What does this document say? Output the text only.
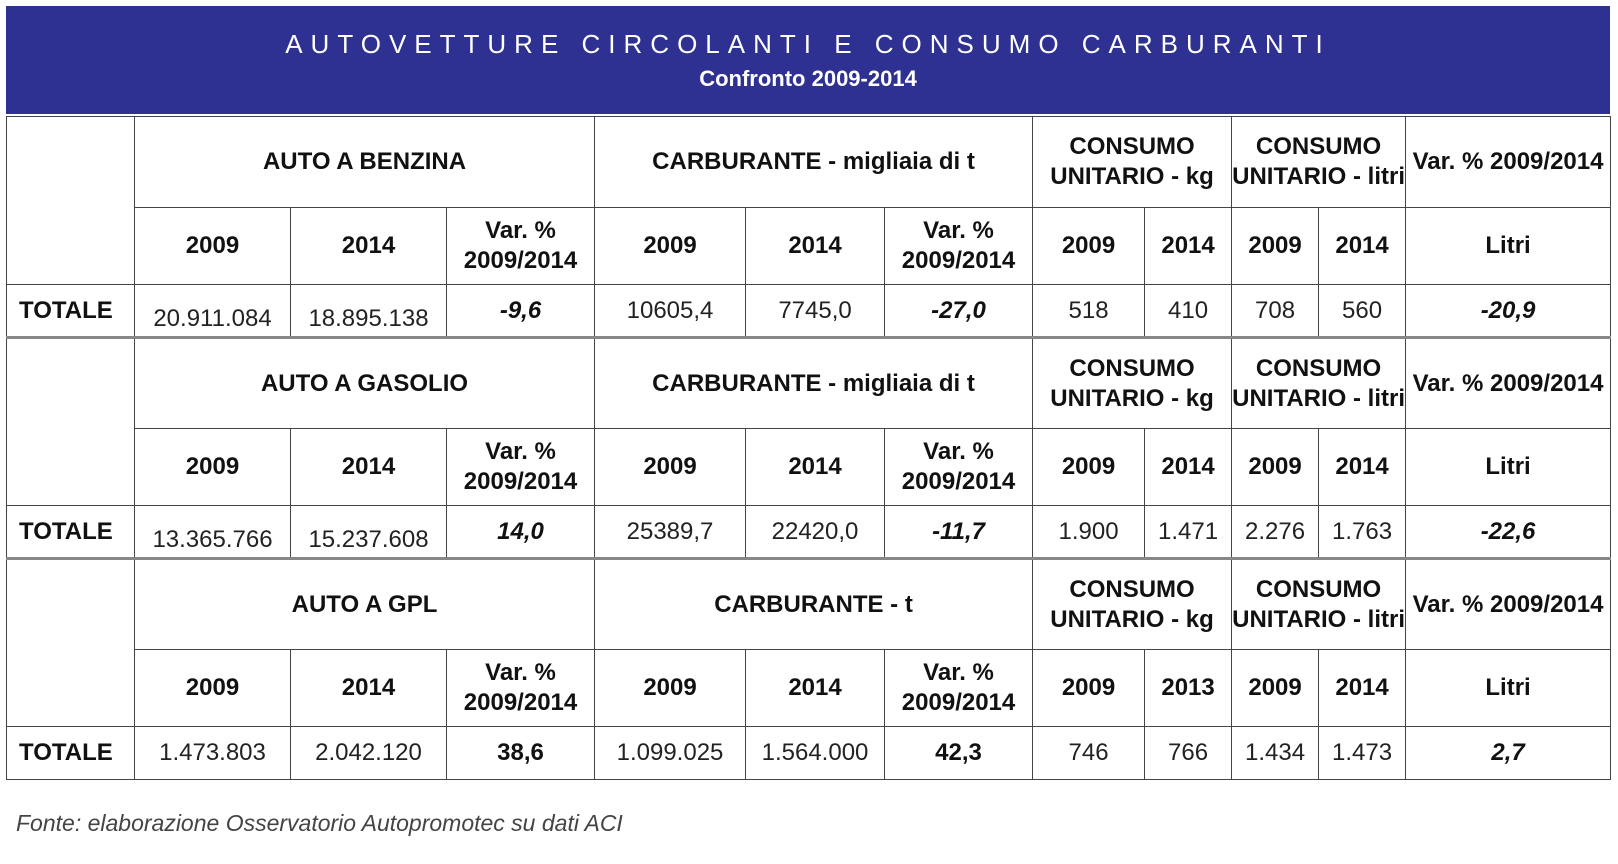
AUTOVETTURE CIRCOLANTI E CONSUMO CARBURANTI
Confronto 2009-2014
	AUTO A BENZINA			CARBURANTE - migliaia di t			CONSUMO UNITARIO - kg		CONSUMO UNITARIO - litri		Var. % 2009/2014
	2009	2014	Var. % 2009/2014	2009	2014	Var. % 2009/2014	2009	2014	2009	2014	Litri
TOTALE	20.911.084	18.895.138	-9,6	10605,4	7745,0	-27,0	518	410	708	560	-20,9
	AUTO A GASOLIO			CARBURANTE - migliaia di t			CONSUMO UNITARIO - kg		CONSUMO UNITARIO - litri		Var. % 2009/2014
	2009	2014	Var. % 2009/2014	2009	2014	Var. % 2009/2014	2009	2014	2009	2014	Litri
TOTALE	13.365.766	15.237.608	14,0	25389,7	22420,0	-11,7	1.900	1.471	2.276	1.763	-22,6
	AUTO A GPL			CARBURANTE - t			CONSUMO UNITARIO - kg		CONSUMO UNITARIO - litri		Var. % 2009/2014
	2009	2014	Var. % 2009/2014	2009	2014	Var. % 2009/2014	2009	2013	2009	2014	Litri
TOTALE	1.473.803	2.042.120	38,6	1.099.025	1.564.000	42,3	746	766	1.434	1.473	2,7
Fonte: elaborazione Osservatorio Autopromotec su dati ACI
